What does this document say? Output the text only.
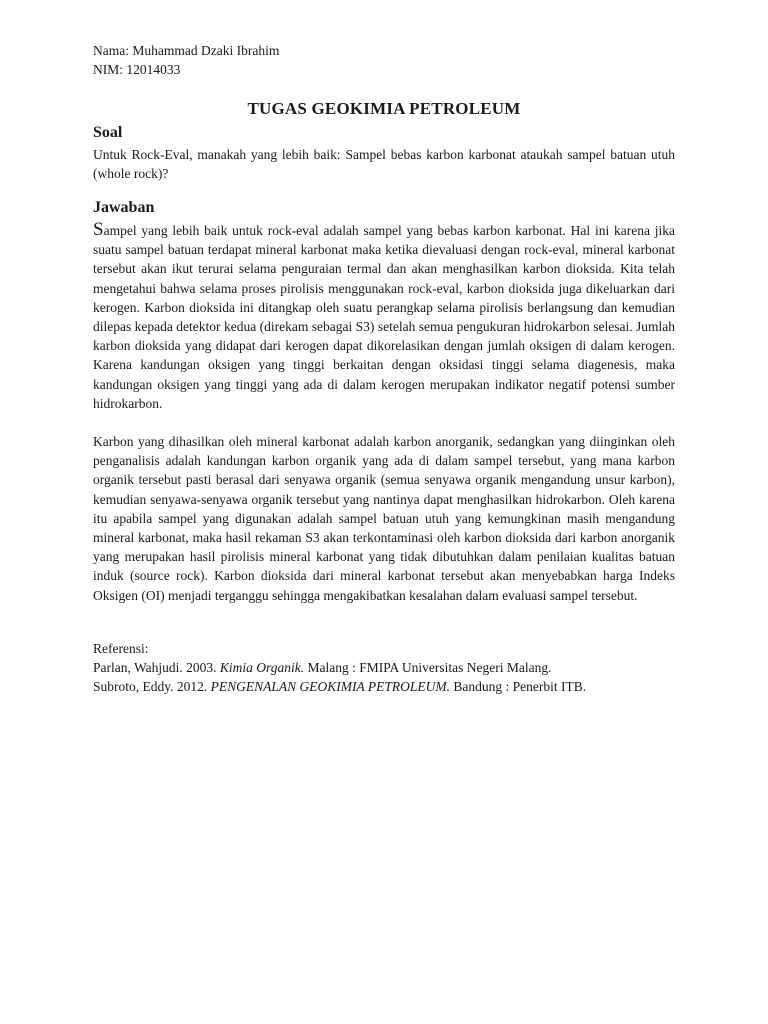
Nama: Muhammad Dzaki Ibrahim

NIM: 12014033

TUGAS GEOKIMIA PETROLEUM
Soal

Untuk Rock-Eval, manakah yang lebih baik: Sampel bebas karbon karbonat ataukah sampel batuan utuh (whole rock)?

Jawaban

Sampel yang lebih baik untuk rock-eval adalah sampel yang bebas karbon karbonat. Hal ini karena jika suatu sampel batuan terdapat mineral karbonat maka ketika dievaluasi dengan rock-eval, mineral karbonat tersebut akan ikut terurai selama penguraian termal dan akan menghasilkan karbon dioksida. Kita telah mengetahui bahwa selama proses pirolisis menggunakan rock-eval, karbon dioksida juga dikeluarkan dari kerogen. Karbon dioksida ini ditangkap oleh suatu perangkap selama pirolisis berlangsung dan kemudian dilepas kepada detektor kedua (direkam sebagai S3) setelah semua pengukuran hidrokarbon selesai. Jumlah karbon dioksida yang didapat dari kerogen dapat dikorelasikan dengan jumlah oksigen di dalam kerogen. Karena kandungan oksigen yang tinggi berkaitan dengan oksidasi tinggi selama diagenesis, maka kandungan oksigen yang tinggi yang ada di dalam kerogen merupakan indikator negatif potensi sumber hidrokarbon.

Karbon yang dihasilkan oleh mineral karbonat adalah karbon anorganik, sedangkan yang diinginkan oleh penganalisis adalah kandungan karbon organik yang ada di dalam sampel tersebut, yang mana karbon organik tersebut pasti berasal dari senyawa organik (semua senyawa organik mengandung unsur karbon), kemudian senyawa-senyawa organik tersebut yang nantinya dapat menghasilkan hidrokarbon. Oleh karena itu apabila sampel yang digunakan adalah sampel batuan utuh yang kemungkinan masih mengandung mineral karbonat, maka hasil rekaman S3 akan terkontaminasi oleh karbon dioksida dari karbon anorganik yang merupakan hasil pirolisis mineral karbonat yang tidak dibutuhkan dalam penilaian kualitas batuan induk (source rock). Karbon dioksida dari mineral karbonat tersebut akan menyebabkan harga Indeks Oksigen (OI) menjadi terganggu sehingga mengakibatkan kesalahan dalam evaluasi sampel tersebut.

Referensi:

Parlan, Wahjudi. 2003. Kimia Organik. Malang : FMIPA Universitas Negeri Malang.

Subroto, Eddy. 2012. PENGENALAN GEOKIMIA PETROLEUM. Bandung : Penerbit ITB.
